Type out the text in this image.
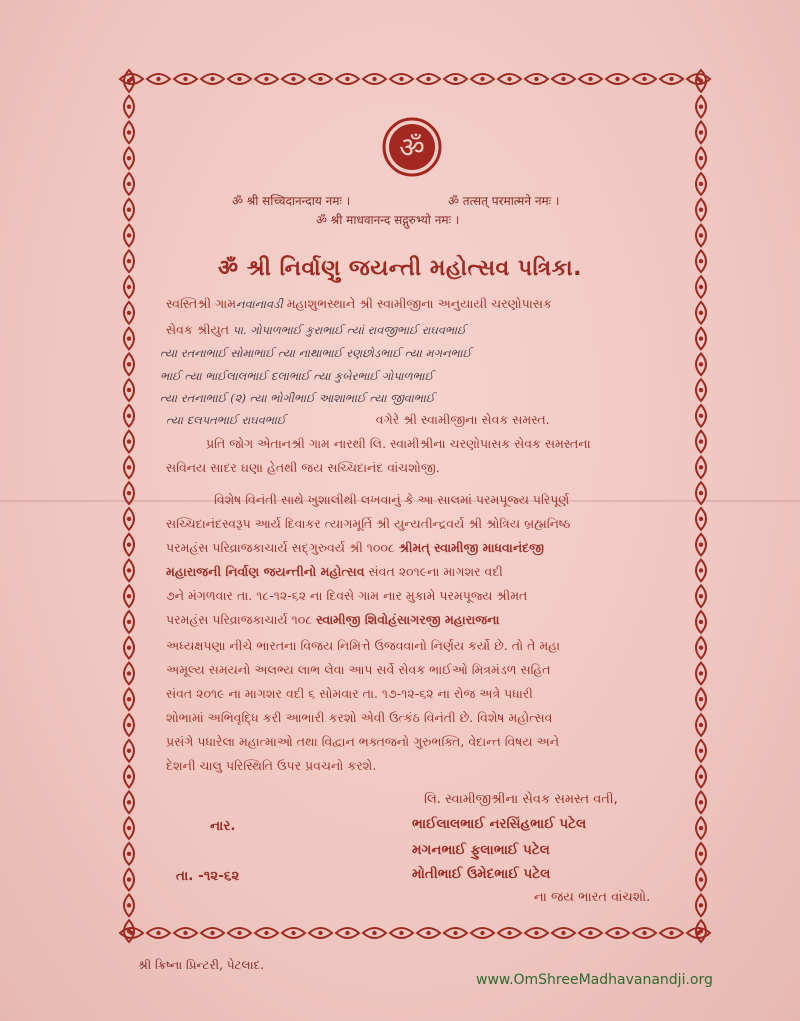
ॐ
ॐ श्री सच्चिदानन्दाय नमः ।	ॐ तत्सत् परमात्मने नमः ।
ॐ श्री माधवानन्द सद्गुरुभ्यो नमः ।
ॐ શ્રી નિર્વાણુ જયન્તી મહોત્સવ પત્રિકા.
સ્વસ્તિશ્રી ગામનવાનાવડી મહાશુભસ્થાને શ્રી સ્વામીજીના અનુયાયી ચરણોપાસક
સેવક શ્રીયુત પા. ગોપાળભાઈ કુરાભાઈ ત્યાં રાવજીભાઈ રાઘવભાઈ
ત્યા રતનાભાઈ સોમાભાઈ ત્યા નાથાભાઈ રણછોડભાઈ ત્યા મગનભાઈ
ભાઈ ત્યા ભાઈલાલભાઈ દલાભાઈ ત્યા કુબેરભાઈ ગોપાળભાઈ
ત્યા રતનાભાઈ (૨) ત્યા ભોગીભાઈ આશાભાઈ ત્યા જીવાભાઈ
ત્યા દલપતભાઈ રાઘવભાઈ	વગેરે શ્રી સ્વામીજીના સેવક સમસ્ત.
પ્રતિ જોગ એતાનશ્રી ગામ નારથી લિ. સ્વામીશ્રીના ચરણોપાસક સેવક સમસ્તના
સવિનય સાદર ઘણા હેતથી જય સચ્ચિદાનંદ વાંચશોજી.
વિશેષ વિનંતી સાથે ખુશાલીથી લખવાનું કે આ સાલમાં પરમપૂજ્ય પરિપૂર્ણ
સચ્ચિદાનંદસ્વરૂપ આર્ય દિવાકર ત્યાગમૂર્તિ શ્રી યુન્યતીન્દ્રવર્ય શ્રી શ્રોત્રિય બ્રહ્મનિષ્ઠ
પરમહંસ પરિવ્રાજકાચાર્ય સદ્ગુરુવર્ય શ્રી ૧૦૦૮ શ્રીમત્ સ્વામીજી માધવાનંદજી
મહારાજની નિર્વાણ જયન્તીનો મહોત્સવ સંવત ૨૦૧૯ના માગશર વદી
૭ને મંગળવાર તા. ૧૮-૧૨-૬૨ ના દિવસે ગામ નાર મુકામે પરમપૂજ્ય શ્રીમત
પરમહંસ પરિવ્રાજકાચાર્ય ૧૦૮ સ્વામીજી શિવોહંસાગરજી મહારાજના
અધ્યક્ષપણા નીચે ભારતના વિજય નિમિત્તે ઉજવવાનો નિર્ણય કર્યો છે. તો તે મહા
અમૂલ્ય સમયનો અલભ્ય લાભ લેવા આપ સર્વે સેવક ભાઈઓ મિત્રમંડળ સહિત
સંવત ૨૦૧૯ ના માગશર વદી ૬ સોમવાર તા. ૧૭-૧૨-૬૨ ના રોજ અત્રે પધારી
શોભામાં અભિવૃદ્ધિ કરી આભારી કરશો એવી ઉત્કંઠ વિનંતી છે. વિશેષ મહોત્સવ
પ્રસંગે પધારેલા મહાત્માઓ તથા વિદ્વાન ભક્તજનો ગુરુભક્તિ, વેદાન્ત વિષય અને
દેશની ચાલુ પરિસ્થિતિ ઉપર પ્રવચનો કરશે.
લિ. સ્વામીજીશ્રીના સેવક સમસ્ત વતી,
નાર.	ભાઈલાલભાઈ નરસિંહભાઈ પટેલ
મગનભાઈ ફુલાભાઈ પટેલ
તા. -૧૨-૬૨	મોતીભાઈ ઉમેદભાઈ પટેલ
ના જય ભારત વાંચશો.
શ્રી ક્રિષ્ના પ્રિન્ટરી, પેટલાદ.
www.OmShreeMadhavanandji.org
